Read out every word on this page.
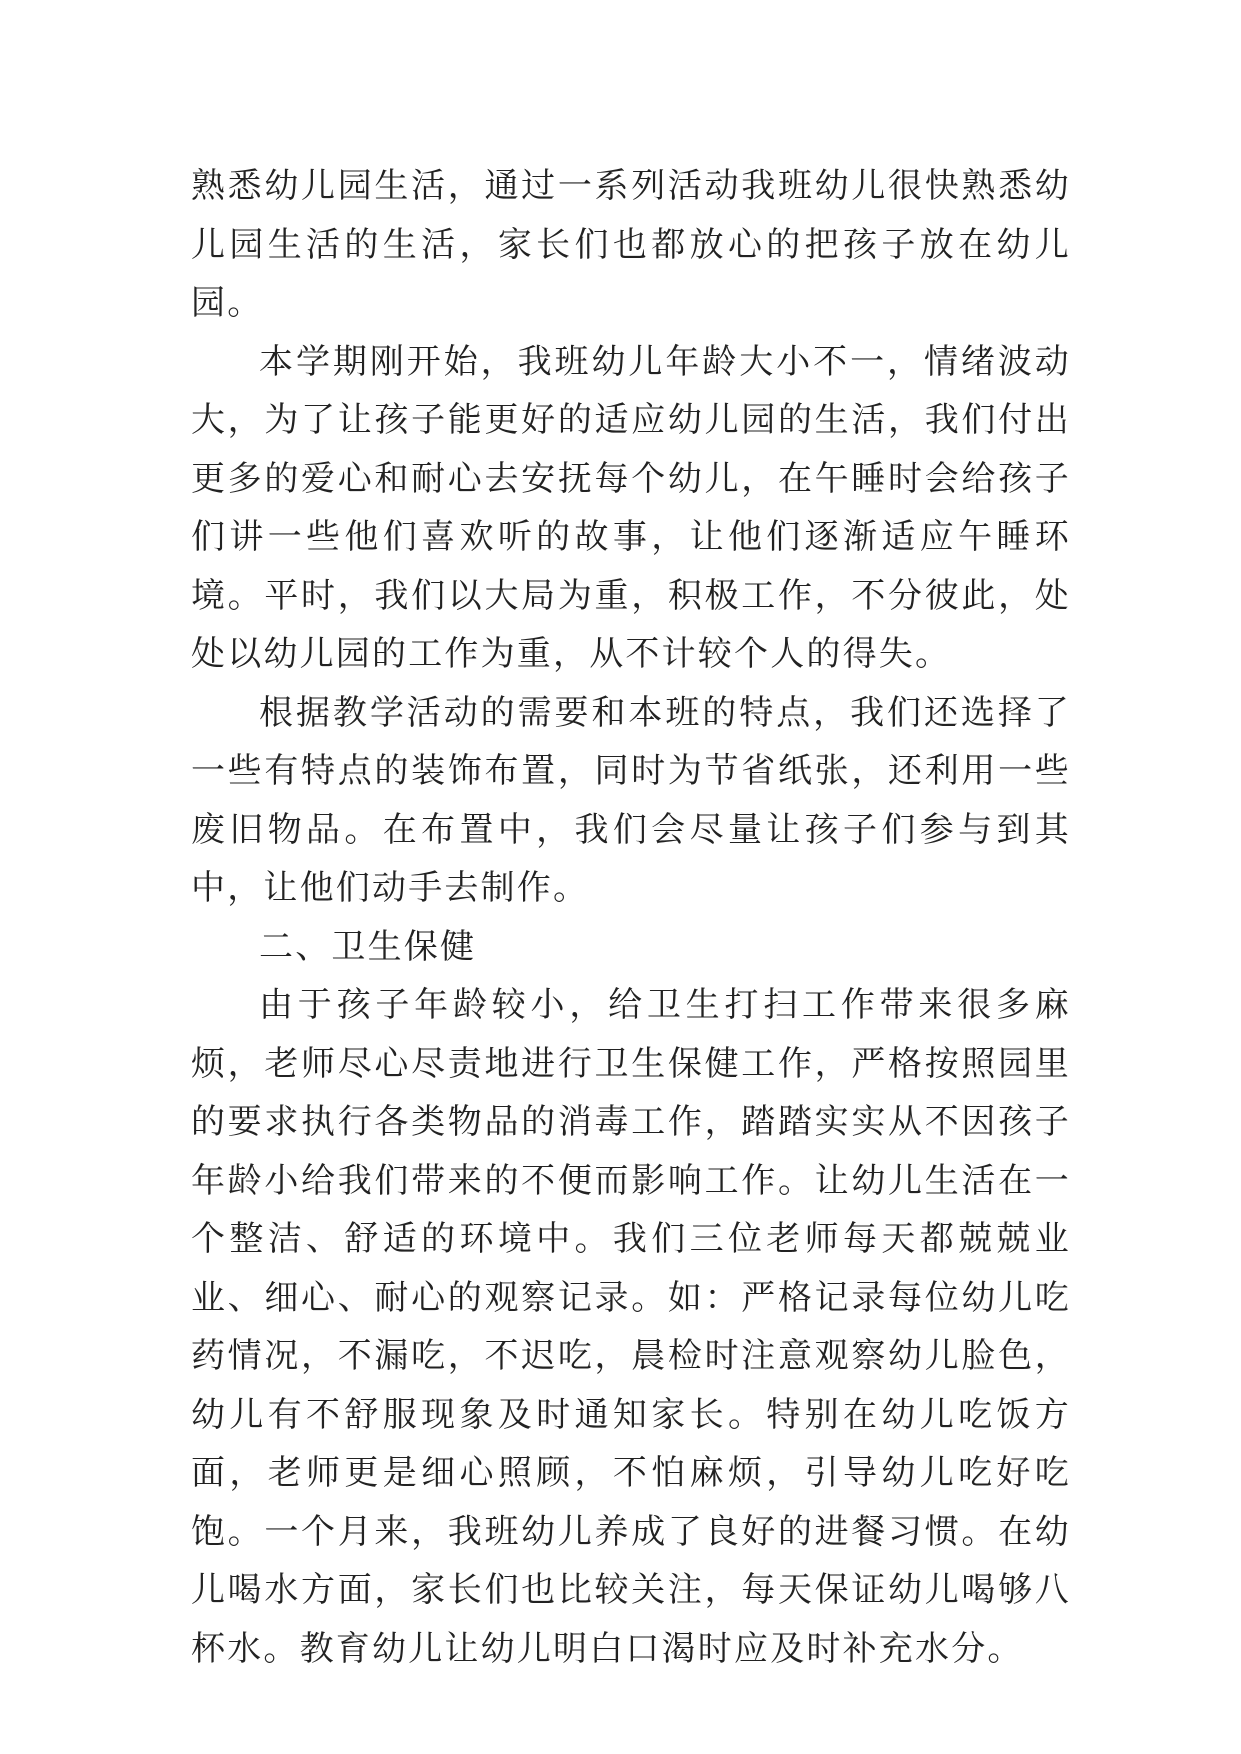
熟悉幼儿园生活，通过一系列活动我班幼儿很快熟悉幼儿园生活的生活，家长们也都放心的把孩子放在幼儿园。

本学期刚开始，我班幼儿年龄大小不一，情绪波动大，为了让孩子能更好的适应幼儿园的生活，我们付出更多的爱心和耐心去安抚每个幼儿，在午睡时会给孩子们讲一些他们喜欢听的故事，让他们逐渐适应午睡环境。平时，我们以大局为重，积极工作，不分彼此，处处以幼儿园的工作为重，从不计较个人的得失。

根据教学活动的需要和本班的特点，我们还选择了一些有特点的装饰布置，同时为节省纸张，还利用一些废旧物品。在布置中，我们会尽量让孩子们参与到其中，让他们动手去制作。

二、卫生保健

由于孩子年龄较小，给卫生打扫工作带来很多麻烦，老师尽心尽责地进行卫生保健工作，严格按照园里的要求执行各类物品的消毒工作，踏踏实实从不因孩子年龄小给我们带来的不便而影响工作。让幼儿生活在一个整洁、舒适的环境中。我们三位老师每天都兢兢业业、细心、耐心的观察记录。如：严格记录每位幼儿吃药情况，不漏吃，不迟吃，晨检时注意观察幼儿脸色，幼儿有不舒服现象及时通知家长。特别在幼儿吃饭方面，老师更是细心照顾，不怕麻烦，引导幼儿吃好吃饱。一个月来，我班幼儿养成了良好的进餐习惯。在幼儿喝水方面，家长们也比较关注，每天保证幼儿喝够八杯水。教育幼儿让幼儿明白口渴时应及时补充水分。
